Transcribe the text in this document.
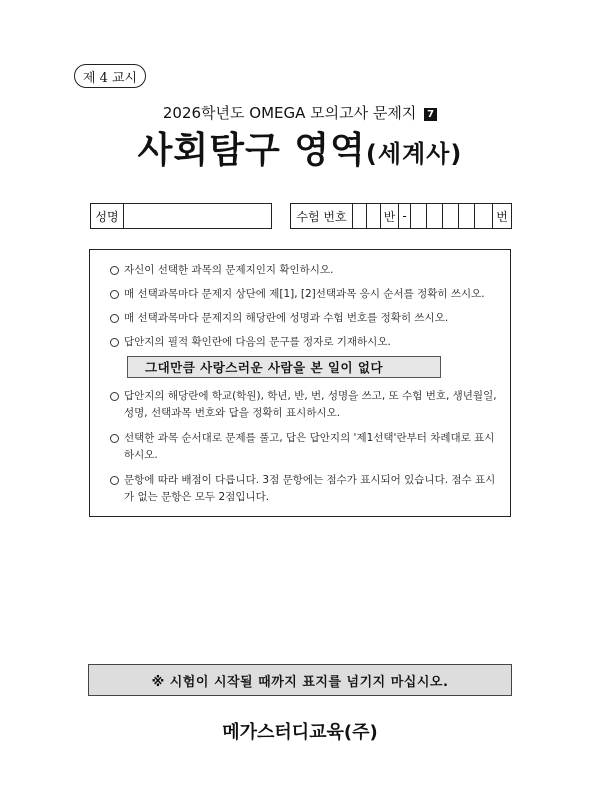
제 4 교시
2026학년도 OMEGA 모의고사 문제지 7
사회탐구 영역(세계사)
성명	수험 번호	반 -	번
자신이 선택한 과목의 문제지인지 확인하시오.
매 선택과목마다 문제지 상단에 제[1], [2]선택과목 응시 순서를 정확히 쓰시오.
매 선택과목마다 문제지의 해당란에 성명과 수험 번호를 정확히 쓰시오.
답안지의 필적 확인란에 다음의 문구를 정자로 기재하시오.
그대만큼 사랑스러운 사람을 본 일이 없다
답안지의 해당란에 학교(학원), 학년, 반, 번, 성명을 쓰고, 또 수험 번호, 생년월일, 성명, 선택과목 번호와 답을 정확히 표시하시오.
선택한 과목 순서대로 문제를 풀고, 답은 답안지의 '제1선택'란부터 차례대로 표시하시오.
문항에 따라 배점이 다릅니다. 3점 문항에는 점수가 표시되어 있습니다. 점수 표시가 없는 문항은 모두 2점입니다.
※ 시험이 시작될 때까지 표지를 넘기지 마십시오.
메가스터디교육(주)
